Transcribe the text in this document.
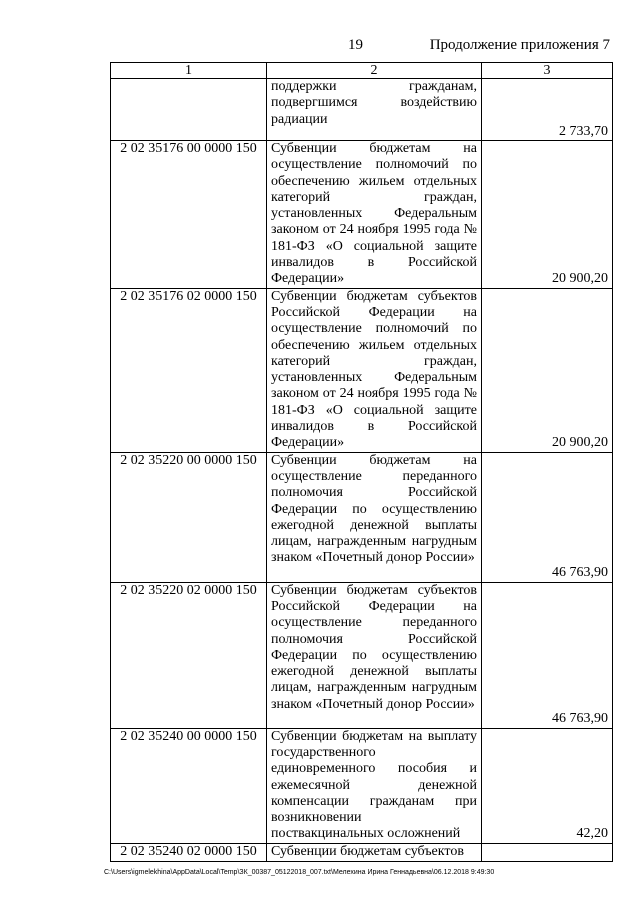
19	Продолжение приложения 7
1	2	3
	поддержки гражданам, подвергшимся воздействию радиации	2 733,70
2 02 35176 00 0000 150	Субвенции бюджетам на осуществление полномочий по обеспечению жильем отдельных категорий граждан, установленных Федеральным законом от 24 ноября 1995 года № 181-ФЗ «О социальной защите инвалидов в Российской Федерации»	20 900,20
2 02 35176 02 0000 150	Субвенции бюджетам субъектов Российской Федерации на осуществление полномочий по обеспечению жильем отдельных категорий граждан, установленных Федеральным законом от 24 ноября 1995 года № 181-ФЗ «О социальной защите инвалидов в Российской Федерации»	20 900,20
2 02 35220 00 0000 150	Субвенции бюджетам на осуществление переданного полномочия Российской Федерации по осуществлению ежегодной денежной выплаты лицам, награжденным нагрудным знаком «Почетный донор России»	46 763,90
2 02 35220 02 0000 150	Субвенции бюджетам субъектов Российской Федерации на осуществление переданного полномочия Российской Федерации по осуществлению ежегодной денежной выплаты лицам, награжденным нагрудным знаком «Почетный донор России»	46 763,90
2 02 35240 00 0000 150	Субвенции бюджетам на выплату государственного единовременного пособия и ежемесячной денежной компенсации гражданам при возникновении поствакцинальных осложнений	42,20
2 02 35240 02 0000 150	Субвенции бюджетам субъектов	
C:\Users\igmelekhina\AppData\Local\Temp\ЗК_00387_05122018_007.txt\Мелехина Ирина Геннадьевна\06.12.2018 9:49:30
